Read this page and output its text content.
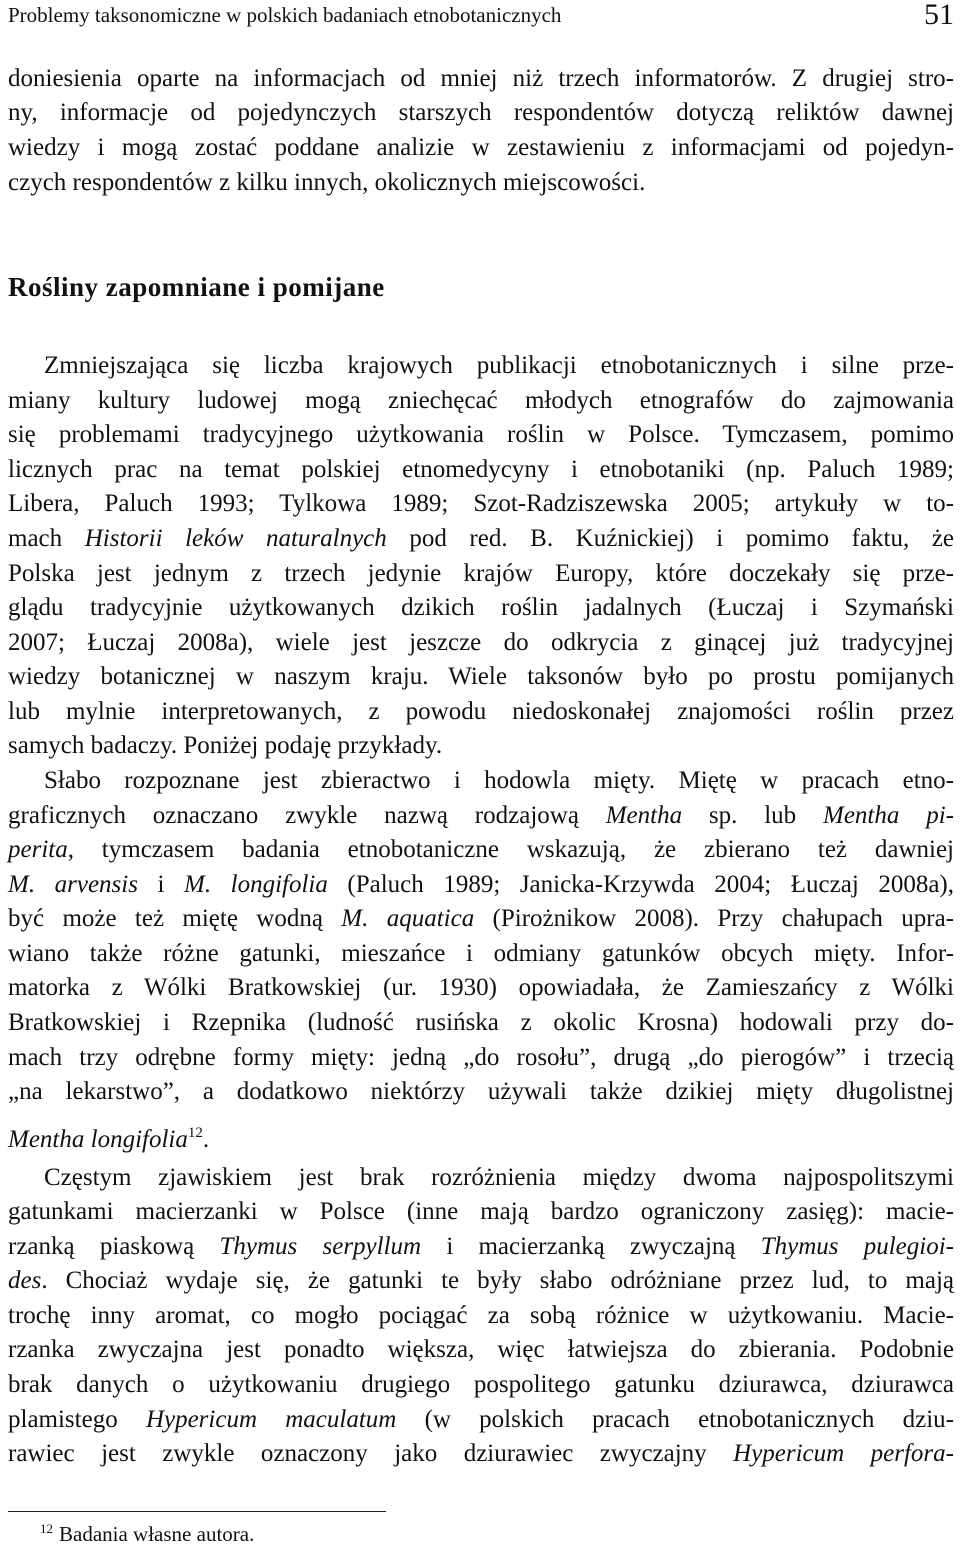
Problemy taksonomiczne w polskich badaniach etnobotanicznych	51
doniesienia oparte na informacjach od mniej niż trzech informatorów. Z drugiej stro-
ny, informacje od pojedynczych starszych respondentów dotyczą reliktów dawnej
wiedzy i mogą zostać poddane analizie w zestawieniu z informacjami od pojedyn-
czych respondentów z kilku innych, okolicznych miejscowości.
Rośliny zapomniane i pomijane
Zmniejszająca się liczba krajowych publikacji etnobotanicznych i silne prze-
miany kultury ludowej mogą zniechęcać młodych etnografów do zajmowania
się problemami tradycyjnego użytkowania roślin w Polsce. Tymczasem, pomimo
licznych prac na temat polskiej etnomedycyny i etnobotaniki (np. Paluch 1989;
Libera, Paluch 1993; Tylkowa 1989; Szot-Radziszewska 2005; artykuły w to-
mach Historii leków naturalnych pod red. B. Kuźnickiej) i pomimo faktu, że
Polska jest jednym z trzech jedynie krajów Europy, które doczekały się prze-
glądu tradycyjnie użytkowanych dzikich roślin jadalnych (Łuczaj i Szymański
2007; Łuczaj 2008a), wiele jest jeszcze do odkrycia z ginącej już tradycyjnej
wiedzy botanicznej w naszym kraju. Wiele taksonów było po prostu pomijanych
lub mylnie interpretowanych, z powodu niedoskonałej znajomości roślin przez
samych badaczy. Poniżej podaję przykłady.
Słabo rozpoznane jest zbieractwo i hodowla mięty. Miętę w pracach etno-
graficznych oznaczano zwykle nazwą rodzajową Mentha sp. lub Mentha pi-
perita, tymczasem badania etnobotaniczne wskazują, że zbierano też dawniej
M. arvensis i M. longifolia (Paluch 1989; Janicka-Krzywda 2004; Łuczaj 2008a),
być może też miętę wodną M. aquatica (Pirożnikow 2008). Przy chałupach upra-
wiano także różne gatunki, mieszańce i odmiany gatunków obcych mięty. Infor-
matorka z Wólki Bratkowskiej (ur. 1930) opowiadała, że Zamieszańcy z Wólki
Bratkowskiej i Rzepnika (ludność rusińska z okolic Krosna) hodowali przy do-
mach trzy odrębne formy mięty: jedną „do rosołu”, drugą „do pierogów” i trzecią
„na lekarstwo”, a dodatkowo niektórzy używali także dzikiej mięty długolistnej
Mentha longifolia$^{12}$.
Częstym zjawiskiem jest brak rozróżnienia między dwoma najpospolitszymi
gatunkami macierzanki w Polsce (inne mają bardzo ograniczony zasięg): macie-
rzanką piaskową Thymus serpyllum i macierzanką zwyczajną Thymus pulegioi-
des. Chociaż wydaje się, że gatunki te były słabo odróżniane przez lud, to mają
trochę inny aromat, co mogło pociągać za sobą różnice w użytkowaniu. Macie-
rzanka zwyczajna jest ponadto większa, więc łatwiejsza do zbierania. Podobnie
brak danych o użytkowaniu drugiego pospolitego gatunku dziurawca, dziurawca
plamistego Hypericum maculatum (w polskich pracach etnobotanicznych dziu-
rawiec jest zwykle oznaczony jako dziurawiec zwyczajny Hypericum perfora-
$^{12}$ Badania własne autora.
